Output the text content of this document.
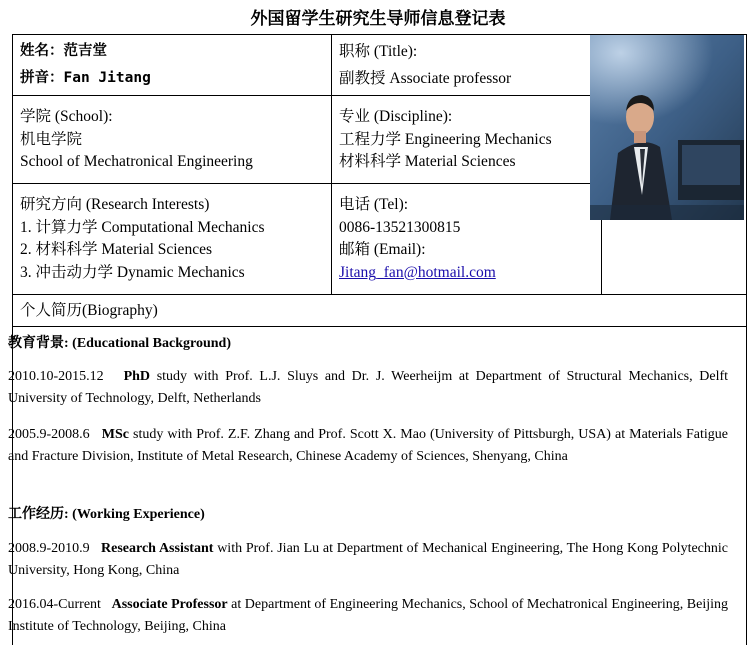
外国留学生研究生导师信息登记表
姓名：范吉堂
拼音：Fan Jitang
职称 (Title):
副教授 Associate professor
学院 (School):
机电学院
School of Mechatronical Engineering
专业 (Discipline):
工程力学 Engineering Mechanics
材料科学 Material Sciences
研究方向 (Research Interests)
1. 计算力学 Computational Mechanics
2. 材料科学 Material Sciences
3. 冲击动力学 Dynamic Mechanics
电话 (Tel):
0086-13521300815
邮箱 (Email):
Jitang_fan@hotmail.com
个人简历(Biography)
教育背景: (Educational Background)
2010.10-2015.12 PhD study with Prof. L.J. Sluys and Dr. J. Weerheijm at Department of Structural Mechanics, Delft University of Technology, Delft, Netherlands
2005.9-2008.6 MSc study with Prof. Z.F. Zhang and Prof. Scott X. Mao (University of Pittsburgh, USA) at Materials Fatigue and Fracture Division, Institute of Metal Research, Chinese Academy of Sciences, Shenyang, China
工作经历: (Working Experience)
2008.9-2010.9 Research Assistant with Prof. Jian Lu at Department of Mechanical Engineering, The Hong Kong Polytechnic University, Hong Kong, China
2016.04-Current Associate Professor at Department of Engineering Mechanics, School of Mechatronical Engineering, Beijing Institute of Technology, Beijing, China
